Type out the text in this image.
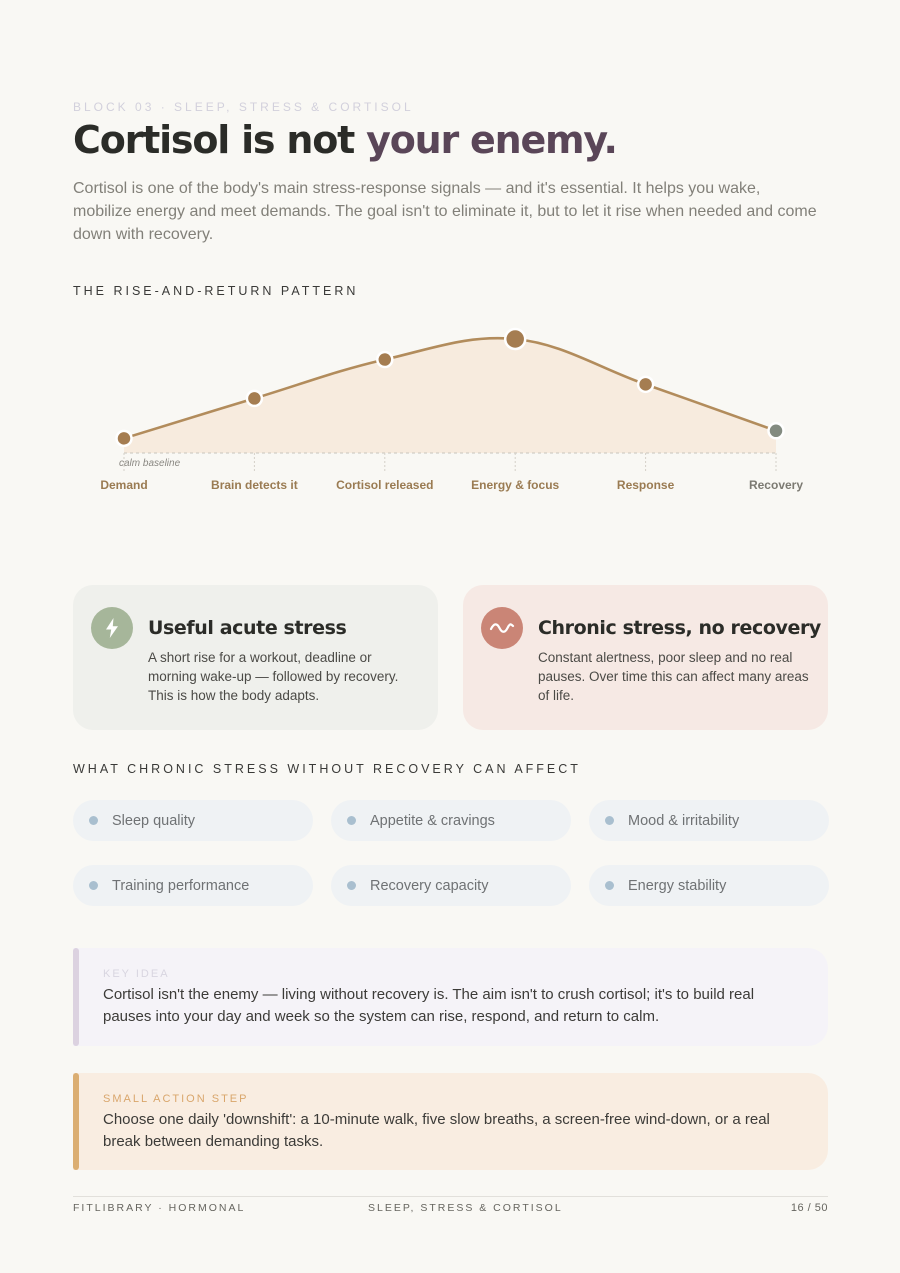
BLOCK 03 · SLEEP, STRESS & CORTISOL
Cortisol is not your enemy.

Cortisol is one of the body's main stress-response signals — and it's essential. It helps you wake, mobilize energy and meet demands. The goal isn't to eliminate it, but to let it rise when needed and come down with recovery.

THE RISE-AND-RETURN PATTERN
calm baseline
Demand	Brain detects it	Cortisol released	Energy & focus	Response	Recovery
Useful acute stress

A short rise for a workout, deadline or morning wake-up — followed by recovery. This is how the body adapts.

Chronic stress, no recovery

Constant alertness, poor sleep and no real pauses. Over time this can affect many areas of life.

WHAT CHRONIC STRESS WITHOUT RECOVERY CAN AFFECT
Sleep quality	Appetite & cravings	Mood & irritability
Training performance	Recovery capacity	Energy stability
KEY IDEA
Cortisol isn't the enemy — living without recovery is. The aim isn't to crush cortisol; it's to build real pauses into your day and week so the system can rise, respond, and return to calm.
SMALL ACTION STEP
Choose one daily 'downshift': a 10-minute walk, five slow breaths, a screen-free wind-down, or a real break between demanding tasks.
FITLIBRARY · HORMONAL	SLEEP, STRESS & CORTISOL	16 / 50
